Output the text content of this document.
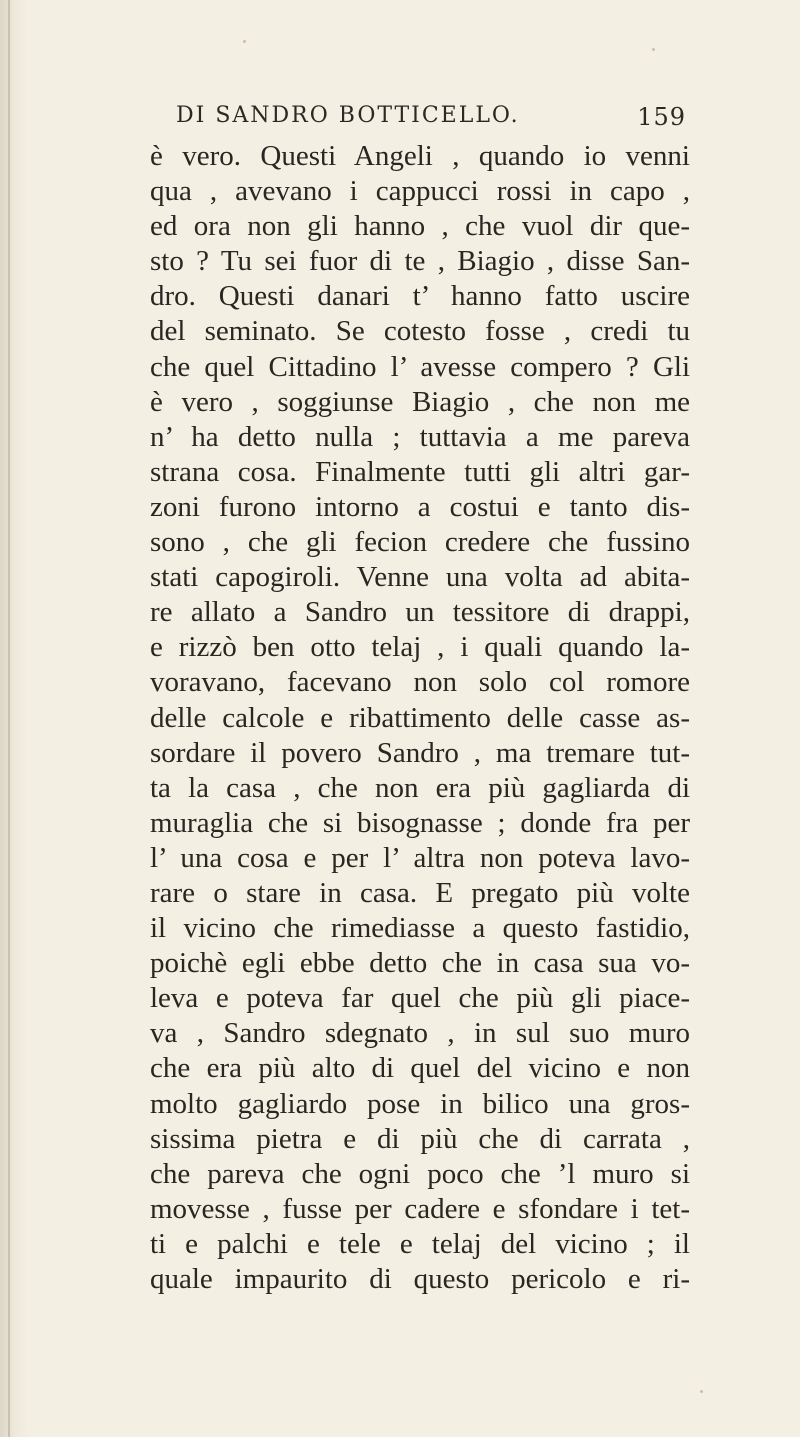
DI SANDRO BOTTICELLO.	159
è vero. Questi Angeli , quando io venni
qua , avevano i cappucci rossi in capo ,
ed ora non gli hanno , che vuol dir que-
sto ? Tu sei fuor di te , Biagio , disse San-
dro. Questi danari t’ hanno fatto uscire
del seminato. Se cotesto fosse , credi tu
che quel Cittadino l’ avesse compero ? Gli
è vero , soggiunse Biagio , che non me
n’ ha detto nulla ; tuttavia a me pareva
strana cosa. Finalmente tutti gli altri gar-
zoni furono intorno a costui e tanto dis-
sono , che gli fecion credere che fussino
stati capogiroli. Venne una volta ad abita-
re allato a Sandro un tessitore di drappi,
e rizzò ben otto telaj , i quali quando la-
voravano, facevano non solo col romore
delle calcole e ribattimento delle casse as-
sordare il povero Sandro , ma tremare tut-
ta la casa , che non era più gagliarda di
muraglia che si bisognasse ; donde fra per
l’ una cosa e per l’ altra non poteva lavo-
rare o stare in casa. E pregato più volte
il vicino che rimediasse a questo fastidio,
poichè egli ebbe detto che in casa sua vo-
leva e poteva far quel che più gli piace-
va , Sandro sdegnato , in sul suo muro
che era più alto di quel del vicino e non
molto gagliardo pose in bilico una gros-
sissima pietra e di più che di carrata ,
che pareva che ogni poco che ’l muro si
movesse , fusse per cadere e sfondare i tet-
ti e palchi e tele e telaj del vicino ; il
quale impaurito di questo pericolo e ri-
